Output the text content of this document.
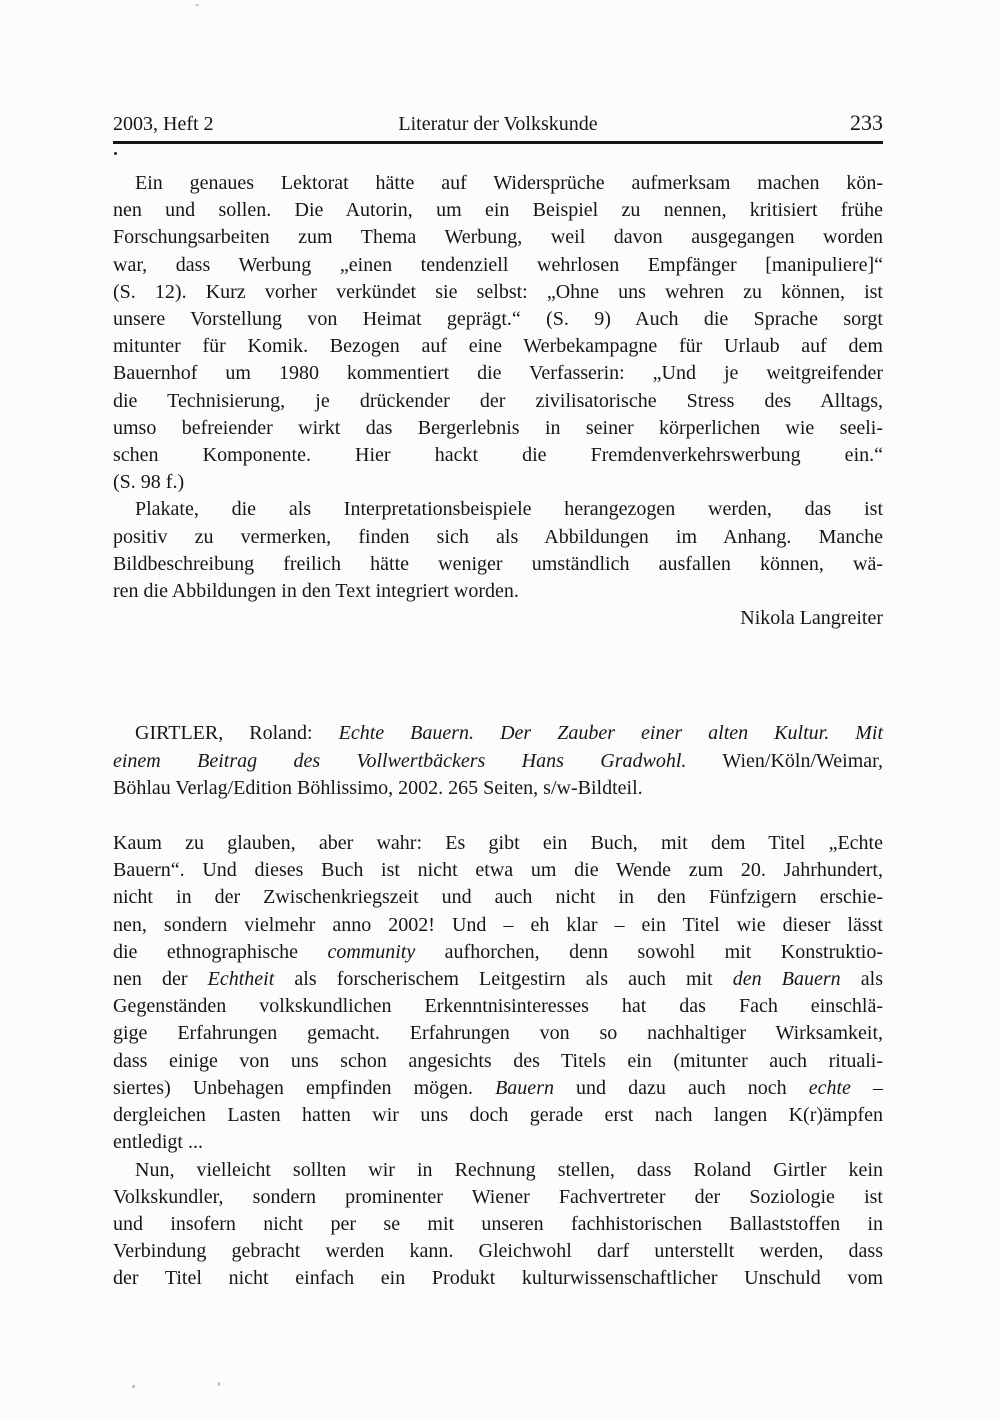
2003, Heft 2	Literatur der Volkskunde	233
Ein genaues Lektorat hätte auf Widersprüche aufmerksam machen kön-
nen und sollen. Die Autorin, um ein Beispiel zu nennen, kritisiert frühe
Forschungsarbeiten zum Thema Werbung, weil davon ausgegangen worden
war, dass Werbung „einen tendenziell wehrlosen Empfänger [manipuliere]“
(S. 12). Kurz vorher verkündet sie selbst: „Ohne uns wehren zu können, ist
unsere Vorstellung von Heimat geprägt.“ (S. 9) Auch die Sprache sorgt
mitunter für Komik. Bezogen auf eine Werbekampagne für Urlaub auf dem
Bauernhof um 1980 kommentiert die Verfasserin: „Und je weitgreifender
die Technisierung, je drückender der zivilisatorische Stress des Alltags,
umso befreiender wirkt das Bergerlebnis in seiner körperlichen wie seeli-
schen Komponente. Hier hackt die Fremdenverkehrswerbung ein.“
(S. 98 f.)
Plakate, die als Interpretationsbeispiele herangezogen werden, das ist
positiv zu vermerken, finden sich als Abbildungen im Anhang. Manche
Bildbeschreibung freilich hätte weniger umständlich ausfallen können, wä-
ren die Abbildungen in den Text integriert worden.
Nikola Langreiter
GIRTLER, Roland: Echte Bauern. Der Zauber einer alten Kultur. Mit
einem Beitrag des Vollwertbäckers Hans Gradwohl. Wien/Köln/Weimar,
Böhlau Verlag/Edition Böhlissimo, 2002. 265 Seiten, s/w-Bildteil.
Kaum zu glauben, aber wahr: Es gibt ein Buch, mit dem Titel „Echte
Bauern“. Und dieses Buch ist nicht etwa um die Wende zum 20. Jahrhundert,
nicht in der Zwischenkriegszeit und auch nicht in den Fünfzigern erschie-
nen, sondern vielmehr anno 2002! Und – eh klar – ein Titel wie dieser lässt
die ethnographische community aufhorchen, denn sowohl mit Konstruktio-
nen der Echtheit als forscherischem Leitgestirn als auch mit den Bauern als
Gegenständen volkskundlichen Erkenntnisinteresses hat das Fach einschlä-
gige Erfahrungen gemacht. Erfahrungen von so nachhaltiger Wirksamkeit,
dass einige von uns schon angesichts des Titels ein (mitunter auch rituali-
siertes) Unbehagen empfinden mögen. Bauern und dazu auch noch echte –
dergleichen Lasten hatten wir uns doch gerade erst nach langen K(r)ämpfen
entledigt ...
Nun, vielleicht sollten wir in Rechnung stellen, dass Roland Girtler kein
Volkskundler, sondern prominenter Wiener Fachvertreter der Soziologie ist
und insofern nicht per se mit unseren fachhistorischen Ballaststoffen in
Verbindung gebracht werden kann. Gleichwohl darf unterstellt werden, dass
der Titel nicht einfach ein Produkt kulturwissenschaftlicher Unschuld vom
